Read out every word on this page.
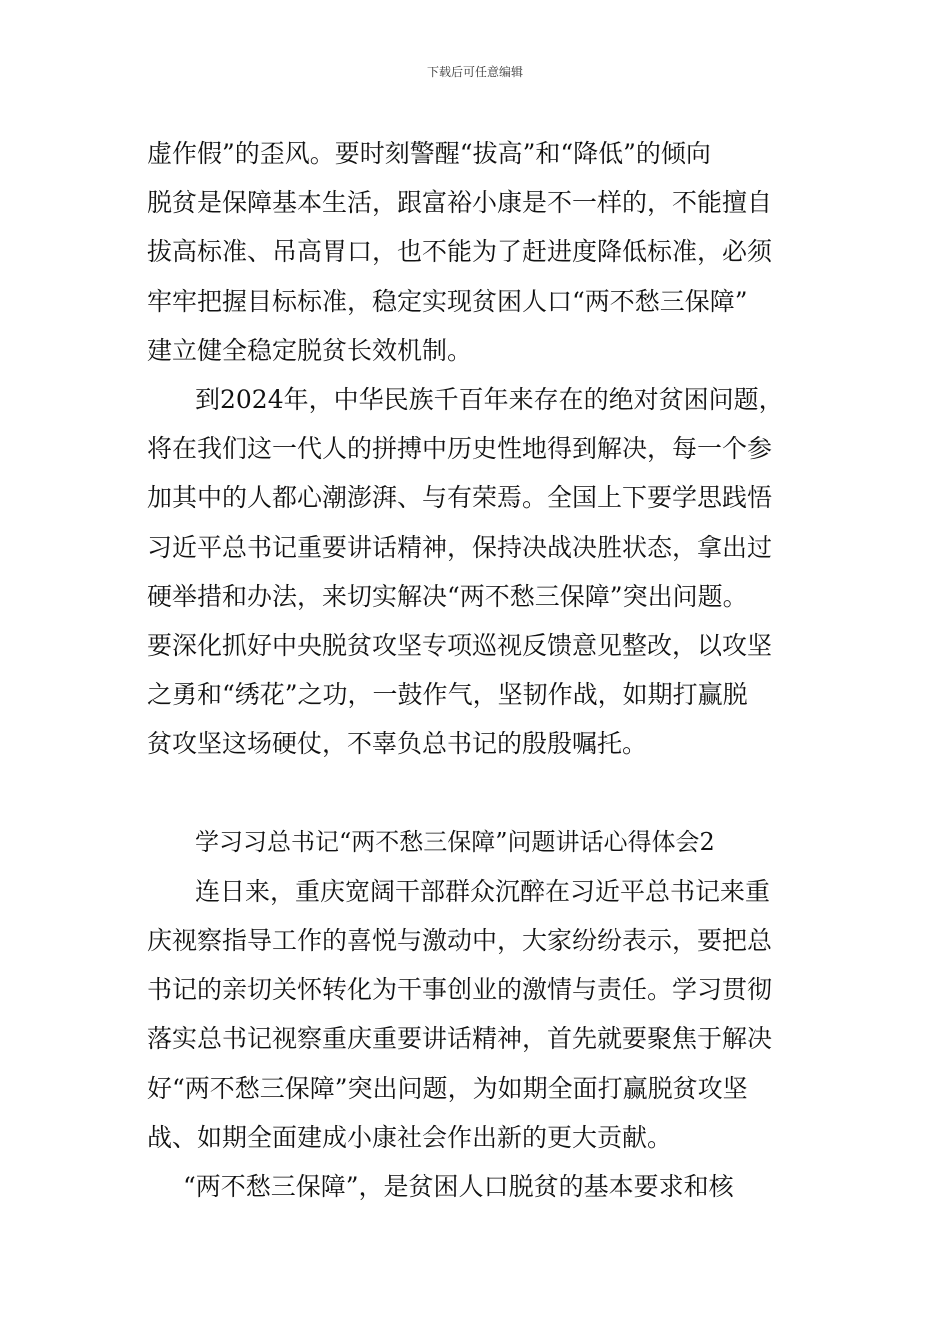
下载后可任意编辑
虚作假”的歪风。要时刻警醒“拔高”和“降低”的倾向
脱贫是保障基本生活，跟富裕小康是不一样的，不能擅自
拔高标准、吊高胃口，也不能为了赶进度降低标准，必须
牢牢把握目标标准，稳定实现贫困人口“两不愁三保障”
建立健全稳定脱贫长效机制。
到2024年，中华民族千百年来存在的绝对贫困问题，
将在我们这一代人的拼搏中历史性地得到解决，每一个参
加其中的人都心潮澎湃、与有荣焉。全国上下要学思践悟
习近平总书记重要讲话精神，保持决战决胜状态，拿出过
硬举措和办法，来切实解决“两不愁三保障”突出问题。
要深化抓好中央脱贫攻坚专项巡视反馈意见整改，以攻坚
之勇和“绣花”之功，一鼓作气，坚韧作战，如期打赢脱
贫攻坚这场硬仗，不辜负总书记的殷殷嘱托。
学习习总书记“两不愁三保障”问题讲话心得体会2
连日来，重庆宽阔干部群众沉醉在习近平总书记来重
庆视察指导工作的喜悦与激动中，大家纷纷表示，要把总
书记的亲切关怀转化为干事创业的激情与责任。学习贯彻
落实总书记视察重庆重要讲话精神，首先就要聚焦于解决
好“两不愁三保障”突出问题，为如期全面打赢脱贫攻坚
战、如期全面建成小康社会作出新的更大贡献。
“两不愁三保障”，是贫困人口脱贫的基本要求和核
